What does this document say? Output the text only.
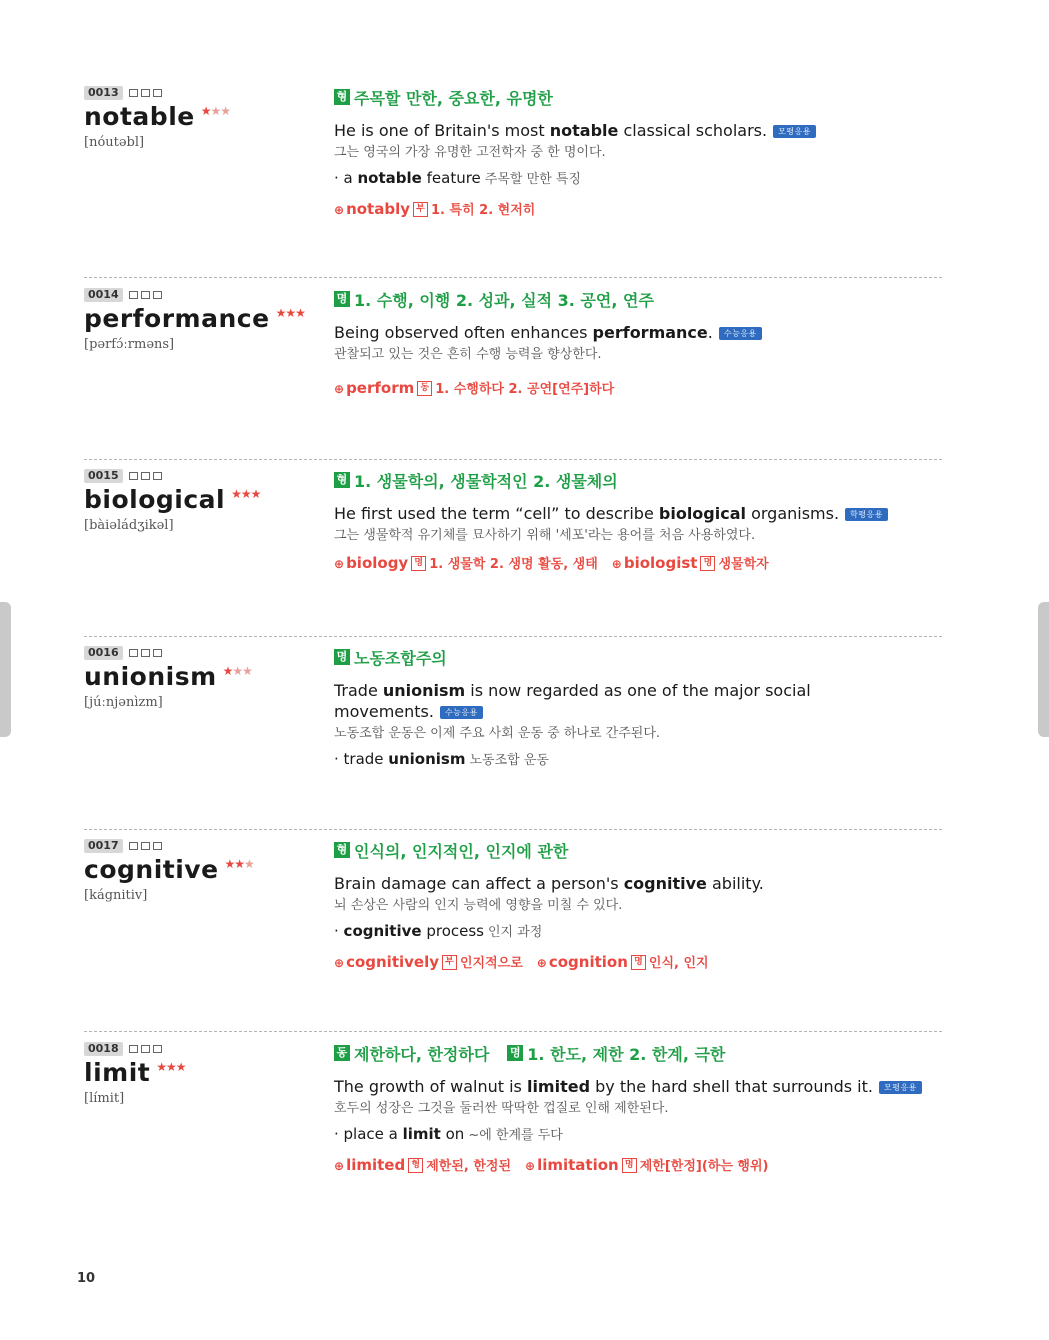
0013
notable ★★★
[nóutəbl]
형 주목할 만한, 중요한, 유명한
He is one of Britain's most notable classical scholars. 모평응용
그는 영국의 가장 유명한 고전학자 중 한 명이다.
· a notable feature 주목할 만한 특징
⊕ notably 부 1. 특히 2. 현저히
0014
performance ★★★
[pərfɔ́ːrməns]
명 1. 수행, 이행 2. 성과, 실적 3. 공연, 연주
Being observed often enhances performance. 수능응용
관찰되고 있는 것은 흔히 수행 능력을 향상한다.
⊕ perform 동 1. 수행하다 2. 공연[연주]하다
0015
biological ★★★
[bàiəládʒikəl]
형 1. 생물학의, 생물학적인 2. 생물체의
He first used the term “cell” to describe biological organisms. 학평응용
그는 생물학적 유기체를 묘사하기 위해 '세포'라는 용어를 처음 사용하였다.
⊕ biology 명 1. 생물학 2. 생명 활동, 생태 ⊕ biologist 명 생물학자
0016
unionism ★★★
[júːnjənìzm]
명 노동조합주의
Trade unionism is now regarded as one of the major social movements. 수능응용
노동조합 운동은 이제 주요 사회 운동 중 하나로 간주된다.
· trade unionism 노동조합 운동
0017
cognitive ★★★
[kágnitiv]
형 인식의, 인지적인, 인지에 관한
Brain damage can affect a person's cognitive ability.
뇌 손상은 사람의 인지 능력에 영향을 미칠 수 있다.
· cognitive process 인지 과정
⊕ cognitively 부 인지적으로 ⊕ cognition 명 인식, 인지
0018
limit ★★★
[límit]
동 제한하다, 한정하다 명 1. 한도, 제한 2. 한계, 극한
The growth of walnut is limited by the hard shell that surrounds it. 모평응용
호두의 성장은 그것을 둘러싼 딱딱한 껍질로 인해 제한된다.
· place a limit on ~에 한계를 두다
⊕ limited 형 제한된, 한정된 ⊕ limitation 명 제한[한정](하는 행위)
10
